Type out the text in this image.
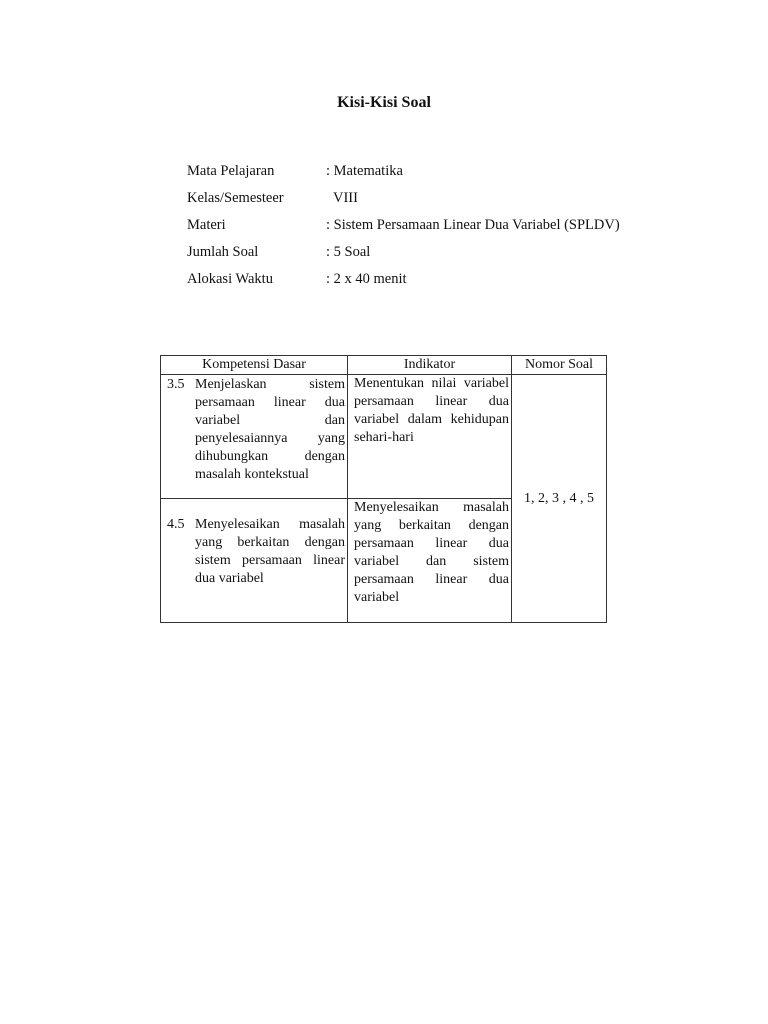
Kisi-Kisi Soal
Mata Pelajaran	: Matematika
Kelas/Semesteer	VIII
Materi	: Sistem Persamaan Linear Dua Variabel (SPLDV)
Jumlah Soal	: 5 Soal
Alokasi Waktu	: 2 x 40 menit
Kompetensi Dasar	Indikator	Nomor Soal

3.5 Menjelaskan sistem persamaan linear dua variabel dan penyelesaiannya yang dihubungkan dengan masalah kontekstual	Menentukan nilai variabel persamaan linear dua variabel dalam kehidupan sehari-hari	1, 2, 3 , 4 , 5

4.5 Menyelesaikan masalah yang berkaitan dengan sistem persamaan linear dua variabel	Menyelesaikan masalah yang berkaitan dengan persamaan linear dua variabel dan sistem persamaan linear dua variabel	
